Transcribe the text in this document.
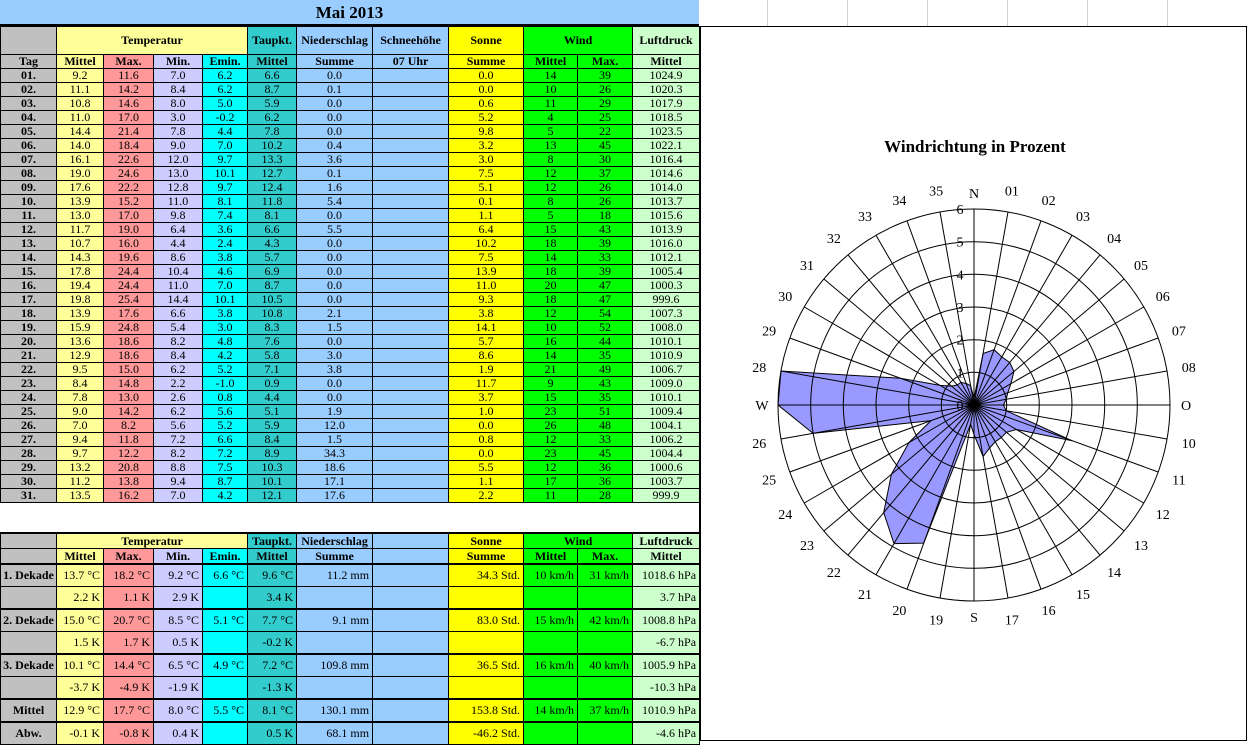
Mai 2013
	Temperatur				Taupkt.	Niederschlag	Schneehöhe	Sonne	Wind		Luftdruck
Tag	Mittel	Max.	Min.	Emin.	Mittel	Summe	07 Uhr	Summe	Mittel	Max.	Mittel
01.	9.2	11.6	7.0	6.2	6.6	0.0		0.0	14	39	1024.9
02.	11.1	14.2	8.4	6.2	8.7	0.1		0.0	10	26	1020.3
03.	10.8	14.6	8.0	5.0	5.9	0.0		0.6	11	29	1017.9
04.	11.0	17.0	3.0	-0.2	6.2	0.0		5.2	4	25	1018.5
05.	14.4	21.4	7.8	4.4	7.8	0.0		9.8	5	22	1023.5
06.	14.0	18.4	9.0	7.0	10.2	0.4		3.2	13	45	1022.1
07.	16.1	22.6	12.0	9.7	13.3	3.6		3.0	8	30	1016.4
08.	19.0	24.6	13.0	10.1	12.7	0.1		7.5	12	37	1014.6
09.	17.6	22.2	12.8	9.7	12.4	1.6		5.1	12	26	1014.0
10.	13.9	15.2	11.0	8.1	11.8	5.4		0.1	8	26	1013.7
11.	13.0	17.0	9.8	7.4	8.1	0.0		1.1	5	18	1015.6
12.	11.7	19.0	6.4	3.6	6.6	5.5		6.4	15	43	1013.9
13.	10.7	16.0	4.4	2.4	4.3	0.0		10.2	18	39	1016.0
14.	14.3	19.6	8.6	3.8	5.7	0.0		7.5	14	33	1012.1
15.	17.8	24.4	10.4	4.6	6.9	0.0		13.9	18	39	1005.4
16.	19.4	24.4	11.0	7.0	8.7	0.0		11.0	20	47	1000.3
17.	19.8	25.4	14.4	10.1	10.5	0.0		9.3	18	47	999.6
18.	13.9	17.6	6.6	3.8	10.8	2.1		3.8	12	54	1007.3
19.	15.9	24.8	5.4	3.0	8.3	1.5		14.1	10	52	1008.0
20.	13.6	18.6	8.2	4.8	7.6	0.0		5.7	16	44	1010.1
21.	12.9	18.6	8.4	4.2	5.8	3.0		8.6	14	35	1010.9
22.	9.5	15.0	6.2	5.2	7.1	3.8		1.9	21	49	1006.7
23.	8.4	14.8	2.2	-1.0	0.9	0.0		11.7	9	43	1009.0
24.	7.8	13.0	2.6	0.8	4.4	0.0		3.7	15	35	1010.1
25.	9.0	14.2	6.2	5.6	5.1	1.9		1.0	23	51	1009.4
26.	7.0	8.2	5.6	5.2	5.9	12.0		0.0	26	48	1004.1
27.	9.4	11.8	7.2	6.6	8.4	1.5		0.8	12	33	1006.2
28.	9.7	12.2	8.2	7.2	8.9	34.3		0.0	23	45	1004.4
29.	13.2	20.8	8.8	7.5	10.3	18.6		5.5	12	36	1000.6
30.	11.2	13.8	9.4	8.7	10.1	17.1		1.1	17	36	1003.7
31.	13.5	16.2	7.0	4.2	12.1	17.6		2.2	11	28	999.9
	Temperatur				Taupkt.	Niederschlag		Sonne	Wind		Luftdruck
	Mittel	Max.	Min.	Emin.	Mittel	Summe		Summe	Mittel	Max.	Mittel
1. Dekade	13.7 °C	18.2 °C	9.2 °C	6.6 °C	9.6 °C	11.2 mm		34.3 Std.	10 km/h	31 km/h	1018.6 hPa
	2.2 K	1.1 K	2.9 K		3.4 K						3.7 hPa
2. Dekade	15.0 °C	20.7 °C	8.5 °C	5.1 °C	7.7 °C	9.1 mm		83.0 Std.	15 km/h	42 km/h	1008.8 hPa
	1.5 K	1.7 K	0.5 K		-0.2 K						-6.7 hPa
3. Dekade	10.1 °C	14.4 °C	6.5 °C	4.9 °C	7.2 °C	109.8 mm		36.5 Std.	16 km/h	40 km/h	1005.9 hPa
	-3.7 K	-4.9 K	-1.9 K		-1.3 K						-10.3 hPa
Mittel	12.9 °C	17.7 °C	8.0 °C	5.5 °C	8.1 °C	130.1 mm		153.8 Std.	14 km/h	37 km/h	1010.9 hPa
Abw.	-0.1 K	-0.8 K	0.4 K		0.5 K	68.1 mm		-46.2 Std.			-4.6 hPa
Windrichtung in Prozent
0
1
2
3
4
5
6
01
02
03
04
05
06
07
08
10
11
12
13
14
15
16
17
19
20
21
22
23
24
25
26
28
29
30
31
32
33
34
35 N
O
S
W
